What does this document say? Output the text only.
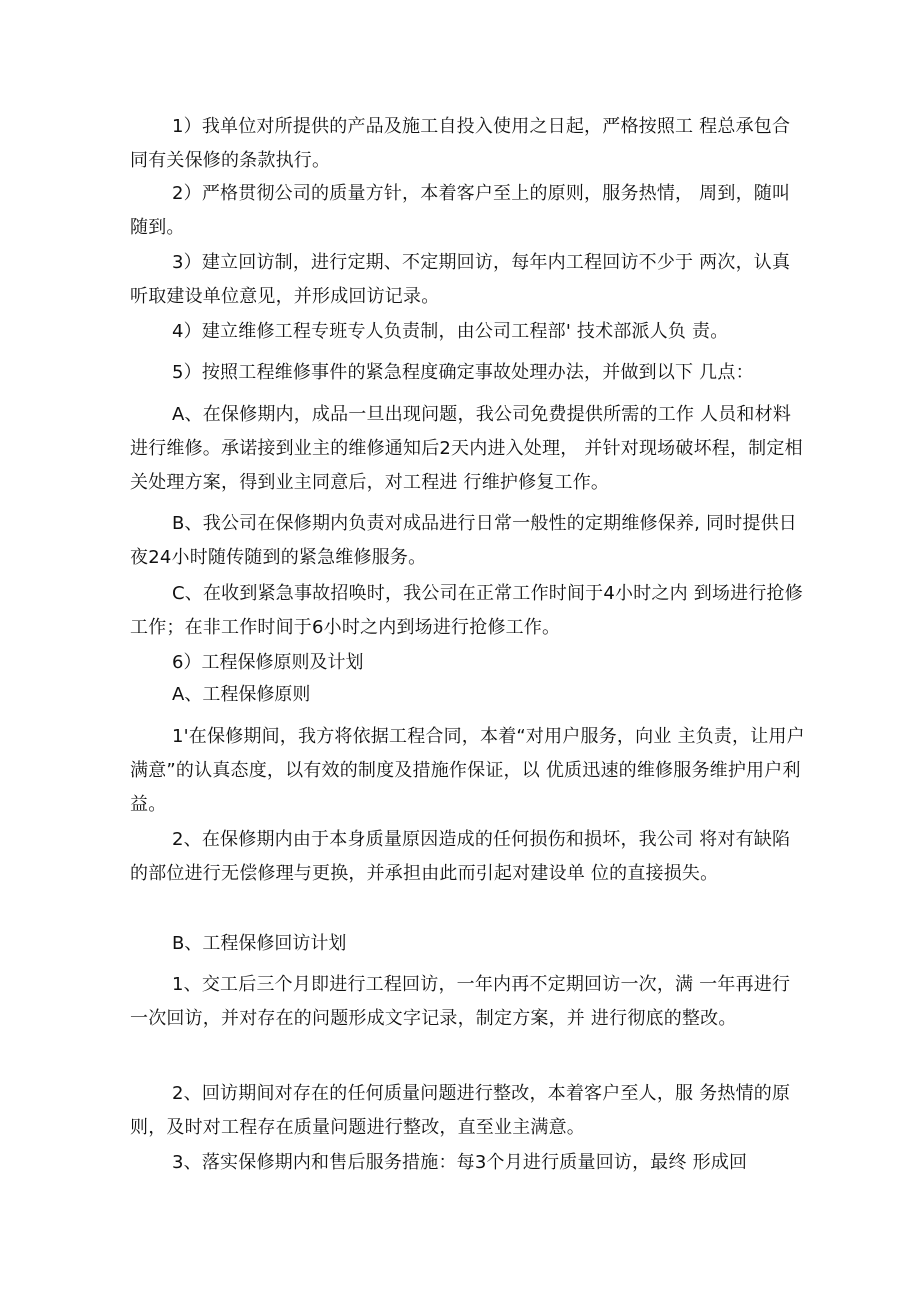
1）我单位对所提供的产品及施工自投入使用之日起，严格按照工 程总承包合同有关保修的条款执行。

2）严格贯彻公司的质量方针，本着客户至上的原则，服务热情， 周到，随叫随到。

3）建立回访制，进行定期、不定期回访，每年内工程回访不少于 两次，认真听取建设单位意见，并形成回访记录。

4）建立维修工程专班专人负责制，由公司工程部' 技术部派人负 责。

5）按照工程维修事件的紧急程度确定事故处理办法，并做到以下 几点：

A、在保修期内，成品一旦出现问题，我公司免费提供所需的工作 人员和材料进行维修。承诺接到业主的维修通知后2天内进入处理， 并针对现场破坏程，制定相关处理方案，得到业主同意后，对工程进 行维护修复工作。

B、我公司在保修期内负责对成品进行日常一般性的定期维修保养, 同时提供日夜24小时随传随到的紧急维修服务。

C、在收到紧急事故招唤时，我公司在正常工作时间于4小时之内 到场进行抢修工作；在非工作时间于6小时之内到场进行抢修工作。

6）工程保修原则及计划

A、工程保修原则

1'在保修期间，我方将依据工程合同，本着“对用户服务，向业 主负责，让用户满意”的认真态度，以有效的制度及措施作保证，以 优质迅速的维修服务维护用户利益。

2、在保修期内由于本身质量原因造成的任何损伤和损坏，我公司 将对有缺陷的部位进行无偿修理与更换，并承担由此而引起对建设单 位的直接损失。

B、工程保修回访计划

1、交工后三个月即进行工程回访，一年内再不定期回访一次，满 一年再进行一次回访，并对存在的问题形成文字记录，制定方案，并 进行彻底的整改。

2、回访期间对存在的任何质量问题进行整改，本着客户至人，服 务热情的原则，及时对工程存在质量问题进行整改，直至业主满意。

3、落实保修期内和售后服务措施：每3个月进行质量回访，最终 形成回
